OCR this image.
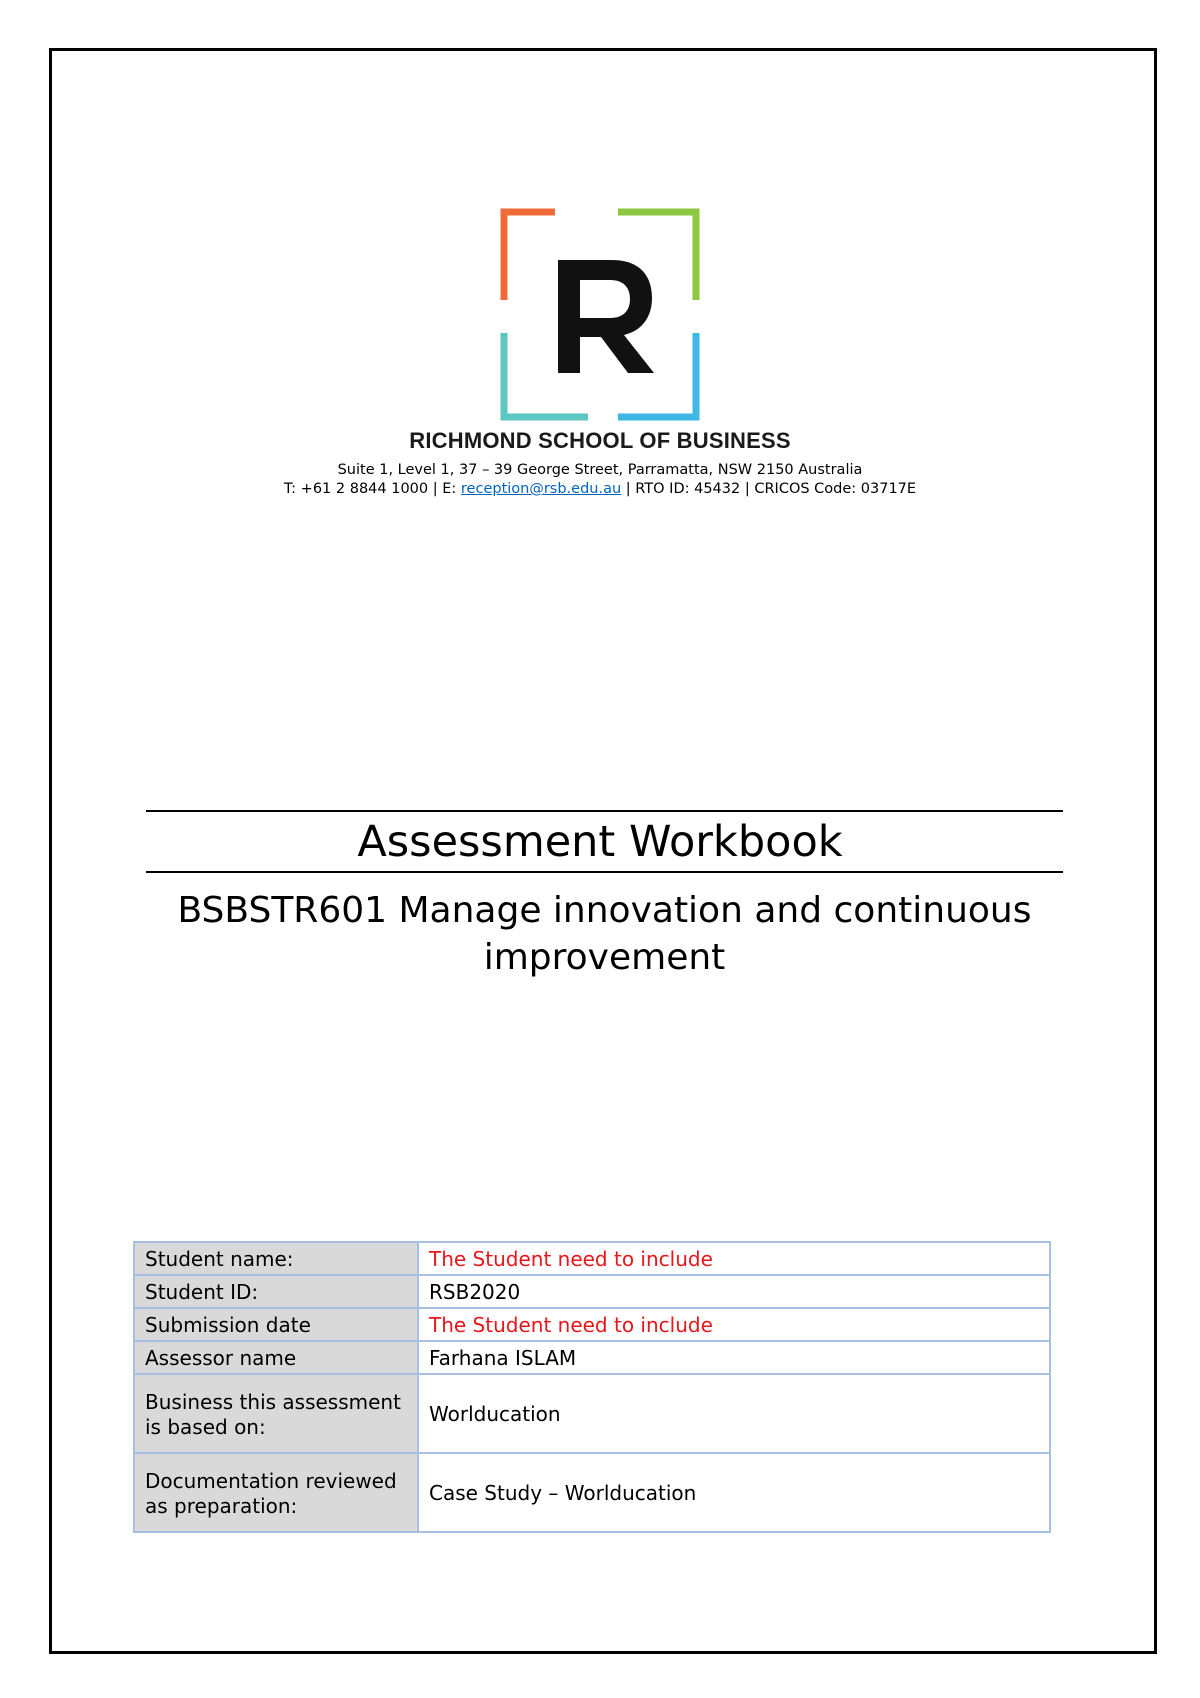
RICHMOND SCHOOL OF BUSINESS
Suite 1, Level 1, 37 – 39 George Street, Parramatta, NSW 2150 Australia
T: +61 2 8844 1000 | E: reception@rsb.edu.au | RTO ID: 45432 | CRICOS Code: 03717E
Assessment Workbook
BSBSTR601 Manage innovation and continuous improvement
Student name:	The Student need to include
Student ID:	RSB2020
Submission date	The Student need to include
Assessor name	Farhana ISLAM
Business this assessment is based on:	Worlducation
Documentation reviewed as preparation:	Case Study – Worlducation
